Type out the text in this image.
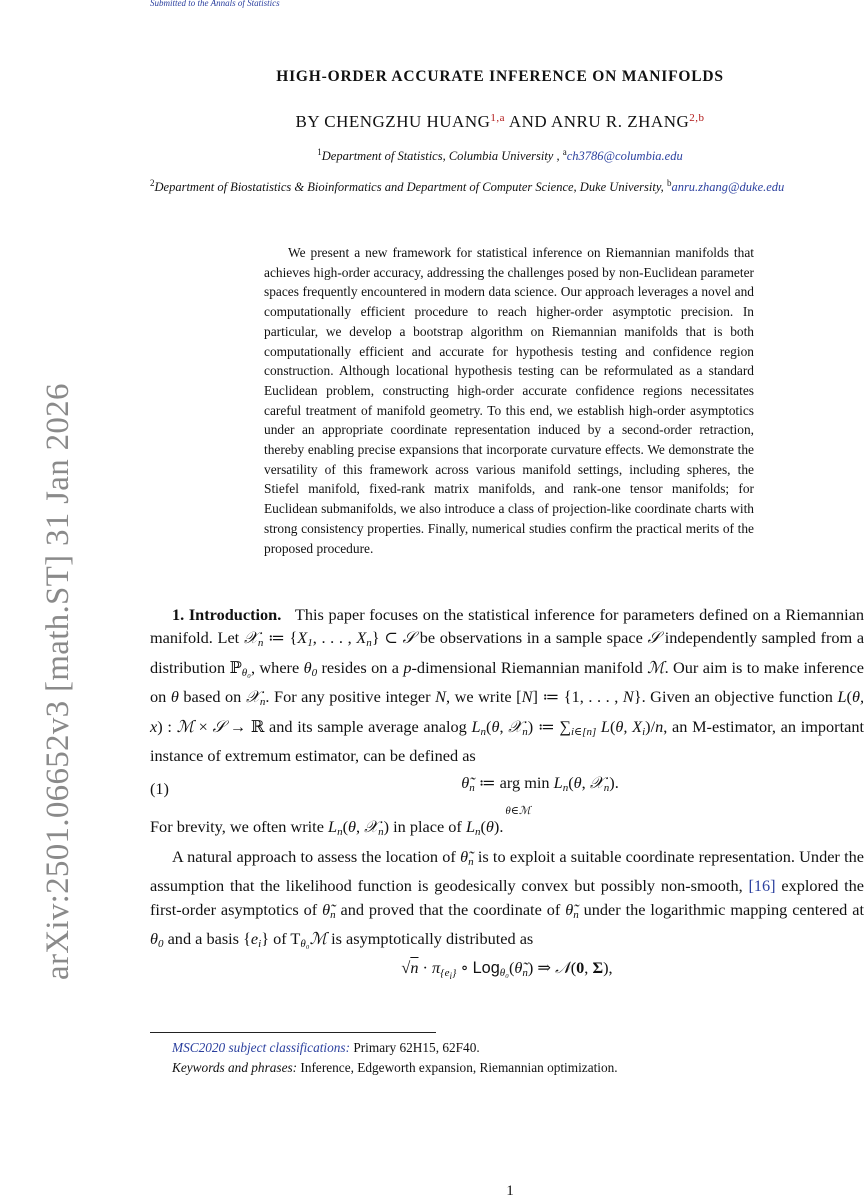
Submitted to the Annals of Statistics
arXiv:2501.06652v3 [math.ST] 31 Jan 2026
HIGH-ORDER ACCURATE INFERENCE ON MANIFOLDS
BY CHENGZHU HUANG$^{1,a}$ AND ANRU R. ZHANG$^{2,b}$
$^1$Department of Statistics, Columbia University , $^a$ch3786@columbia.edu
$^2$Department of Biostatistics & Bioinformatics and Department of Computer Science, Duke University, $^b$anru.zhang@duke.edu

We present a new framework for statistical inference on Riemannian manifolds that achieves high-order accuracy, addressing the challenges posed by non-Euclidean parameter spaces frequently encountered in modern data science. Our approach leverages a novel and computationally efficient procedure to reach higher-order asymptotic precision. In particular, we develop a bootstrap algorithm on Riemannian manifolds that is both computationally efficient and accurate for hypothesis testing and confidence region construction. Although locational hypothesis testing can be reformulated as a standard Euclidean problem, constructing high-order accurate confidence regions necessitates careful treatment of manifold geometry. To this end, we establish high-order asymptotics under an appropriate coordinate representation induced by a second-order retraction, thereby enabling precise expansions that incorporate curvature effects. We demonstrate the versatility of this framework across various manifold settings, including spheres, the Stiefel manifold, fixed-rank matrix manifolds, and rank-one tensor manifolds; for Euclidean submanifolds, we also introduce a class of projection-like coordinate charts with strong consistency properties. Finally, numerical studies confirm the practical merits of the proposed procedure.

1. Introduction. This paper focuses on the statistical inference for parameters defined on a Riemannian manifold. Let 𝒳$_n$ ≔ {$X_1$, . . . , $X_n$} ⊂ 𝒮 be observations in a sample space 𝒮 independently sampled from a distribution ℙ$_{\theta_0}$, where $\theta_0$ resides on a p-dimensional Riemannian manifold ℳ. Our aim is to make inference on θ based on 𝒳$_n$. For any positive integer N, we write [N] ≔ {1, . . . , N}. Given an objective function L(θ, x) : ℳ × 𝒮 → ℝ and its sample average analog $L_n(\theta$, 𝒳$_n$) ≔ $\sum_{i\in[n]}$ L(θ, $X_i)/n$, an M-estimator, an important instance of extremum estimator, can be defined as

(1)	$\thetã_n$ ≔ arg $\min L_n(\theta$, 𝒳$_n$).
$^{\theta\in ℳ}$

For brevity, we often write $L_n(\theta$, 𝒳$_n$) in place of $L_n(\theta)$.

A natural approach to assess the location of $\thetã_n$ is to exploit a suitable coordinate representation. Under the assumption that the likelihood function is geodesically convex but possibly non-smooth, [16] explored the first-order asymptotics of $\thetã_n$ and proved that the coordinate of $\thetã_n$ under the logarithmic mapping centered at $\theta_0$ and a basis $\{e_i\}$ of $T_{\theta_0}ℳ$ is asymptotically distributed as

$√n \cdot \pi_{\{e_i\}}$ ∘ $Log_{\theta_0}(\thetã_n)$ ⇒ 𝒩(0, Σ),
MSC2020 subject classifications: Primary 62H15, 62F40.
Keywords and phrases: Inference, Edgeworth expansion, Riemannian optimization.
1
